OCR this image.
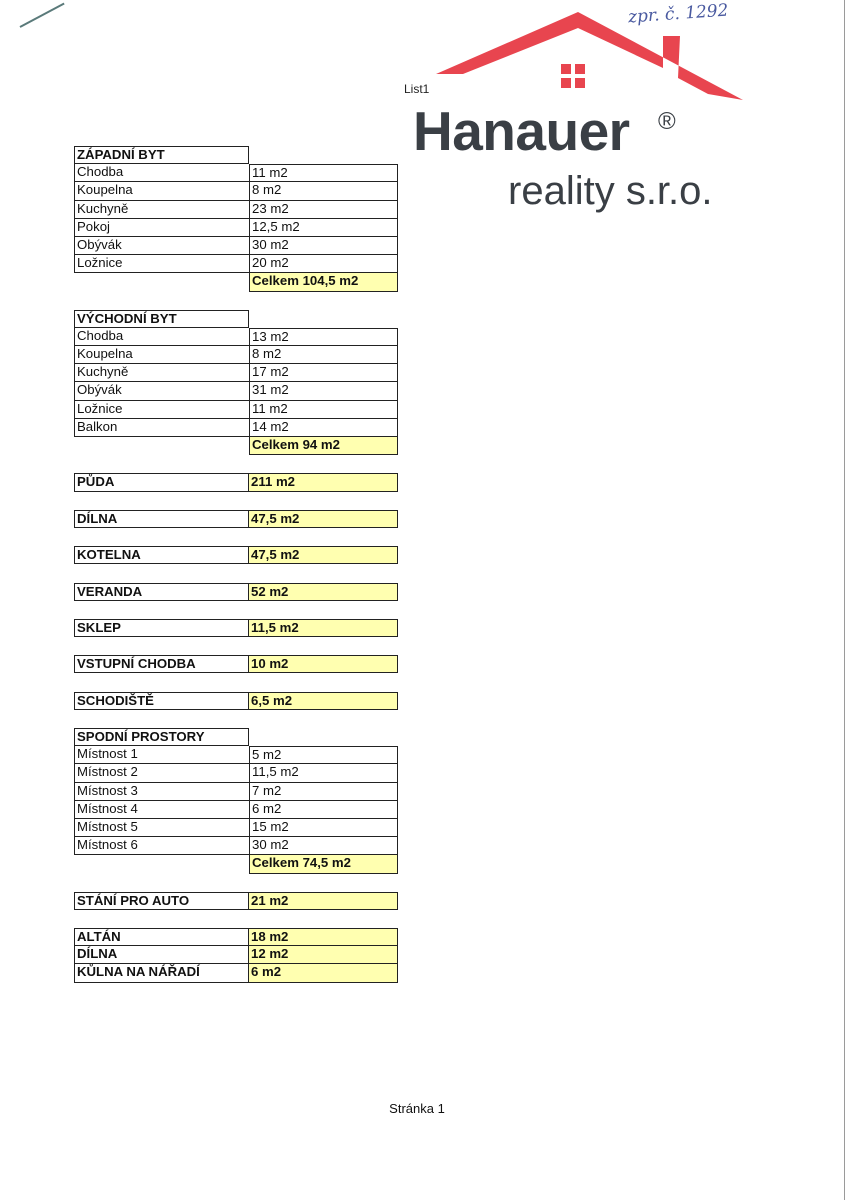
zpr. č. 1292
Hanauer ®
reality s.r.o.
List1
ZÁPADNÍ BYT
Chodba	11 m2
Koupelna	8 m2
Kuchyně	23 m2
Pokoj	12,5 m2
Obývák	30 m2
Ložnice	20 m2
Celkem 104,5 m2
VÝCHODNÍ BYT
Chodba	13 m2
Koupelna	8 m2
Kuchyně	17 m2
Obývák	31 m2
Ložnice	11 m2
Balkon	14 m2
Celkem 94 m2
PŮDA	211 m2
DÍLNA	47,5 m2
KOTELNA	47,5 m2
VERANDA	52 m2
SKLEP	11,5 m2
VSTUPNÍ CHODBA	10 m2
SCHODIŠTĚ	6,5 m2
SPODNÍ PROSTORY
Místnost 1	5 m2
Místnost 2	11,5 m2
Místnost 3	7 m2
Místnost 4	6 m2
Místnost 5	15 m2
Místnost 6	30 m2
Celkem 74,5 m2
STÁNÍ PRO AUTO	21 m2
ALTÁN	18 m2
DÍLNA	12 m2
KŮLNA NA NÁŘADÍ	6 m2
Stránka 1
